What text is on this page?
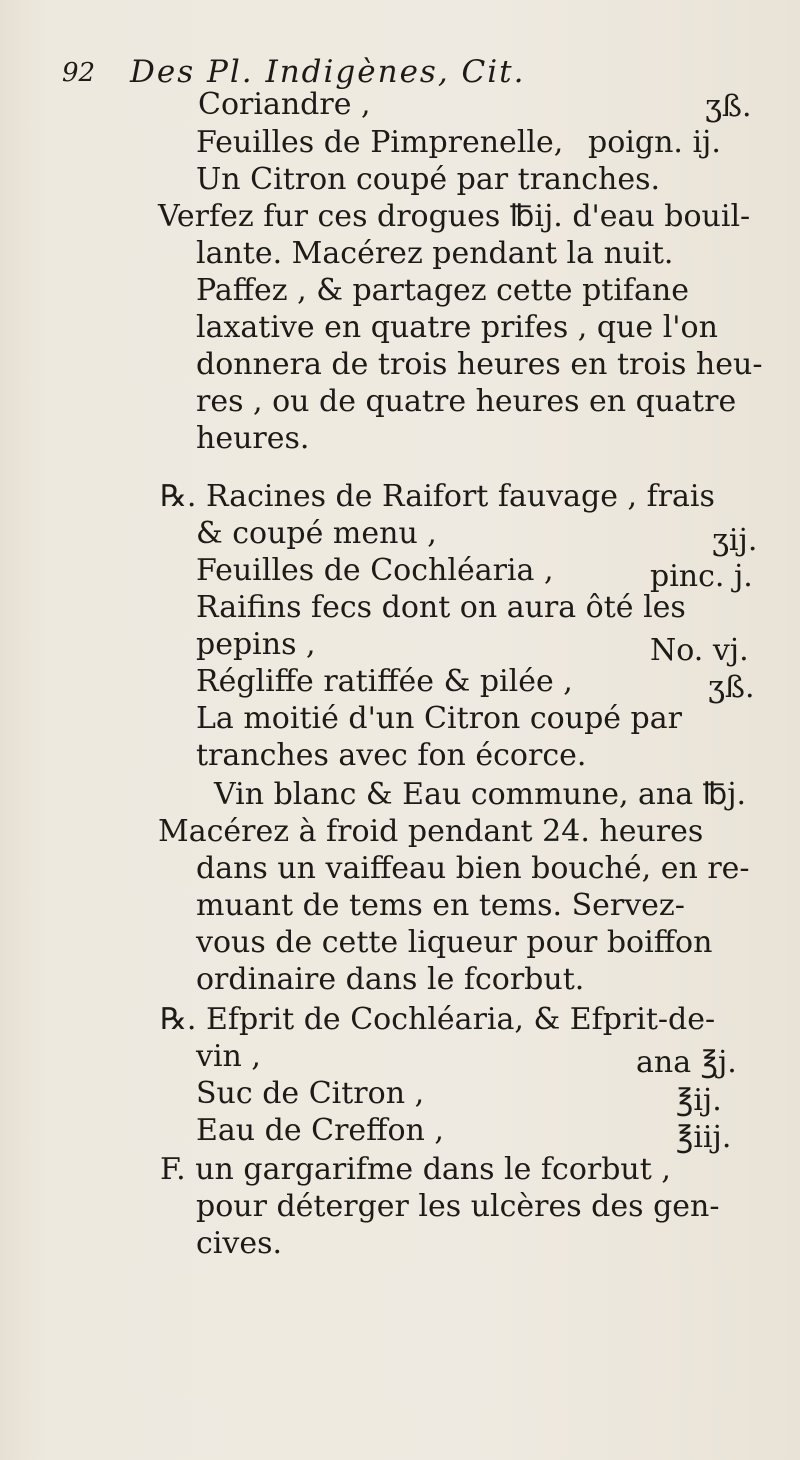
92 Des Pl. Indigènes, Cit.
Coriandre ,	ʒß.
Feuilles de Pimprenelle, poign. ij.
Un Citron coupé par tranches.
Verfez fur ces drogues ℔ij. d'eau bouil-
lante. Macérez pendant la nuit.
Paffez , & partagez cette ptifane
laxative en quatre prifes , que l'on
donnera de trois heures en trois heu-
res , ou de quatre heures en quatre
heures.
℞. Racines de Raifort fauvage , frais
& coupé menu ,	ʒij.
Feuilles de Cochléaria ,	pinc. j.
Raifins fecs dont on aura ôté les
pepins ,	No. vj.
Régliffe ratiffée & pilée ,	ʒß.
La moitié d'un Citron coupé par
tranches avec fon écorce.
Vin blanc & Eau commune, ana ℔j.
Macérez à froid pendant 24. heures
dans un vaiffeau bien bouché, en re-
muant de tems en tems. Servez-
vous de cette liqueur pour boiffon
ordinaire dans le fcorbut.
℞. Efprit de Cochléaria, & Efprit-de-
vin ,	ana ℥j.
Suc de Citron ,	℥ij.
Eau de Creffon ,	℥iij.
F. un gargarifme dans le fcorbut ,
pour déterger les ulcères des gen-
cives.
